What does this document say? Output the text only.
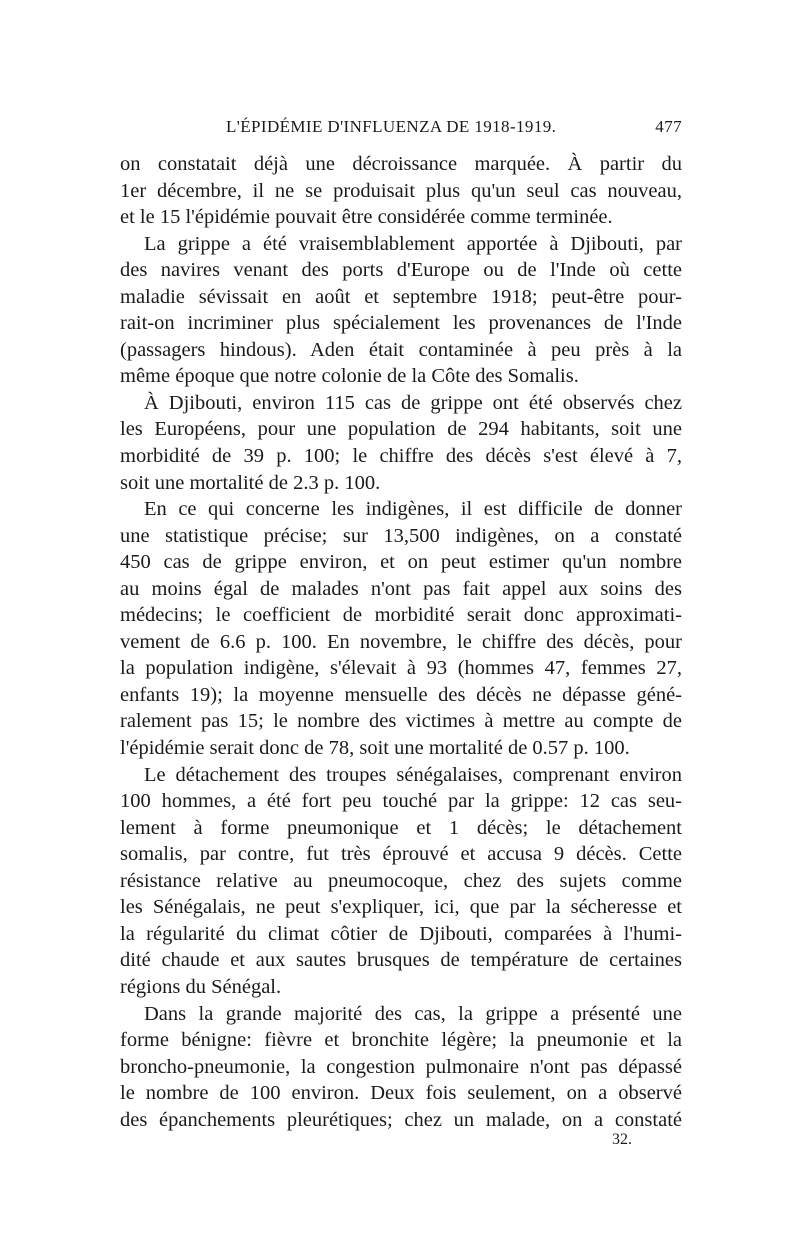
L'ÉPIDÉMIE D'INFLUENZA DE 1918-1919.	477
on constatait déjà une décroissance marquée. À partir du
1er décembre, il ne se produisait plus qu'un seul cas nouveau,
et le 15 l'épidémie pouvait être considérée comme terminée.
La grippe a été vraisemblablement apportée à Djibouti, par
des navires venant des ports d'Europe ou de l'Inde où cette
maladie sévissait en août et septembre 1918; peut-être pour-
rait-on incriminer plus spécialement les provenances de l'Inde
(passagers hindous). Aden était contaminée à peu près à la
même époque que notre colonie de la Côte des Somalis.
À Djibouti, environ 115 cas de grippe ont été observés chez
les Européens, pour une population de 294 habitants, soit une
morbidité de 39 p. 100; le chiffre des décès s'est élevé à 7,
soit une mortalité de 2.3 p. 100.
En ce qui concerne les indigènes, il est difficile de donner
une statistique précise; sur 13,500 indigènes, on a constaté
450 cas de grippe environ, et on peut estimer qu'un nombre
au moins égal de malades n'ont pas fait appel aux soins des
médecins; le coefficient de morbidité serait donc approximati-
vement de 6.6 p. 100. En novembre, le chiffre des décès, pour
la population indigène, s'élevait à 93 (hommes 47, femmes 27,
enfants 19); la moyenne mensuelle des décès ne dépasse géné-
ralement pas 15; le nombre des victimes à mettre au compte de
l'épidémie serait donc de 78, soit une mortalité de 0.57 p. 100.
Le détachement des troupes sénégalaises, comprenant environ
100 hommes, a été fort peu touché par la grippe: 12 cas seu-
lement à forme pneumonique et 1 décès; le détachement
somalis, par contre, fut très éprouvé et accusa 9 décès. Cette
résistance relative au pneumocoque, chez des sujets comme
les Sénégalais, ne peut s'expliquer, ici, que par la sécheresse et
la régularité du climat côtier de Djibouti, comparées à l'humi-
dité chaude et aux sautes brusques de température de certaines
régions du Sénégal.
Dans la grande majorité des cas, la grippe a présenté une
forme bénigne: fièvre et bronchite légère; la pneumonie et la
broncho-pneumonie, la congestion pulmonaire n'ont pas dépassé
le nombre de 100 environ. Deux fois seulement, on a observé
des épanchements pleurétiques; chez un malade, on a constaté
32.
